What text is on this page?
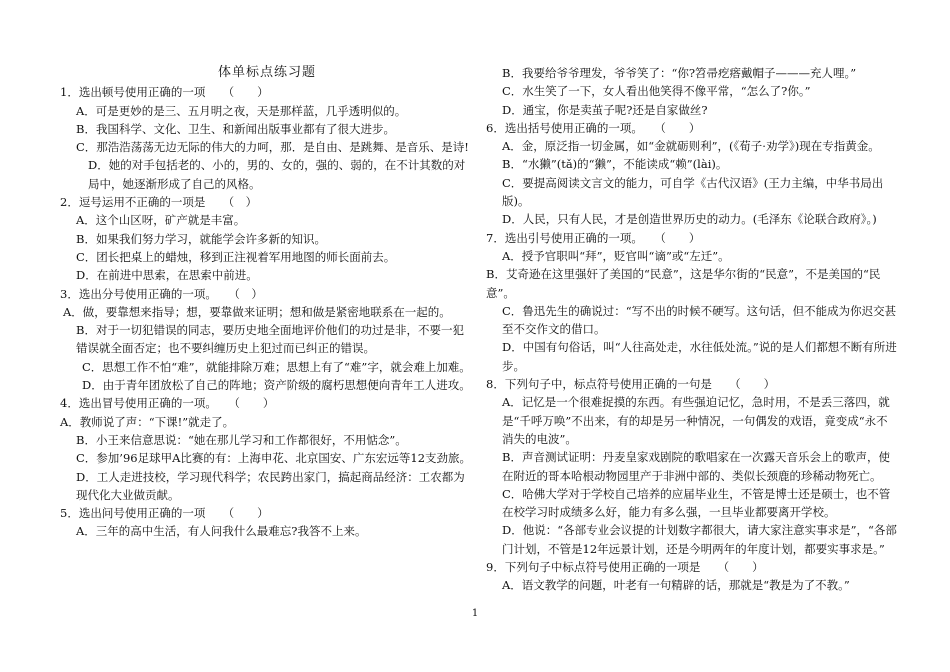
体单标点练习题

1．选出顿号使用正确的一项　　（　　）

A．可是更妙的是三、五月明之夜，天是那样蓝，几乎透明似的。

B．我国科学、文化、卫生、和新闻出版事业都有了很大进步。

C．那浩浩荡荡无边无际的伟大的力呵，那．是自由、是跳舞、是音乐、是诗!

D．她的对手包括老的、小的，男的、女的，强的、弱的，在不计其数的对局中，她逐渐形成了自己的风格。

2．逗号运用不正确的一项是　　（　）

A．这个山区呀，矿产就是丰富。

B．如果我们努力学习，就能学会许多新的知识。

C．团长把桌上的蜡烛，移到正注视着军用地图的师长面前去。

D．在前进中思索，在思索中前进。

3．选出分号使用正确的一项。　　（　）

A．做，要靠想来指导；想，要靠做来证明；想和做是紧密地联系在一起的。

B．对于一切犯错误的同志，要历史地全面地评价他们的功过是非，不要一犯错误就全面否定；也不要纠缠历史上犯过而已纠正的错误。

C．思想工作不怕“难”，就能排除万难；思想上有了“难”字，就会难上加难。

D．由于青年团放松了自己的阵地；资产阶级的腐朽思想便向青年工人进攻。

4．选出冒号使用正确的一项。　　（　　）

A．教师说了声：“下课!”就走了。

B．小王来信意思说：“她在那儿学习和工作都很好，不用惦念”。

C．参加’96足球甲A比赛的有：上海申花、北京国安、广东宏远等12支劲旅。

D．工人走进技校，学习现代科学；农民跨出家门，搞起商品经济：工农都为现代化大业做贡献。

5．选出问号使用正确的一项　　（　　）

A．三年的高中生活，有人问我什么最难忘?我答不上来。

B．我要给爷爷理发，爷爷笑了：“你?笤帚疙瘩戴帽子———充人哩。”

C．水生笑了一下，女人看出他笑得不像平常，“怎么了?你。”

D．通宝，你是卖茧子呢?还是自家做丝?

6．选出括号使用正确的一项。　　（　　）

A．金，原泛指一切金属，如“金就砺则利”，(《荀子·劝学》)现在专指黄金。

B．“水獭”(tǎ)的“獭”，不能读成“赖”(lài)。

C．要提高阅读文言文的能力，可自学《古代汉语》(王力主编，中华书局出版)。

D．人民，只有人民，才是创造世界历史的动力。(毛泽东《论联合政府》。)

7．选出引号使用正确的一项。　　（　　）

A．授予官职叫“拜”，贬官叫“谪”或“左迁”。

B．艾奇逊在这里强奸了美国的“民意”，这是华尔街的“民意”，不是美国的“民意”。

C．鲁迅先生的确说过：“写不出的时候不硬写。这句话，但不能成为你迟交甚至不交作文的借口。

D．中国有句俗话，叫“人往高处走，水往低处流。”说的是人们都想不断有所进步。

8．下列句子中，标点符号使用正确的一句是　　（　　）

A．记忆是一个很难捉摸的东西。有些强迫记忆，急时用，不是丢三落四，就是“千呼万唤”不出来，有的却是另一种情况，一句偶发的戏语，竟变成“永不消失的电波”。

B．声音测试证明：丹麦皇家戏剧院的歌唱家在一次露天音乐会上的歌声，使在附近的哥本哈根动物园里产于非洲中部的、类似长颈鹿的珍稀动物死亡。

C．哈佛大学对于学校自己培养的应届毕业生，不管是博士还是硕士，也不管在校学习时成绩多么好，能力有多么强，一旦毕业都要离开学校。

D．他说：“各部专业会议提的计划数字都很大，请大家注意实事求是”，“各部门计划，不管是12年远景计划，还是今明两年的年度计划，都要实事求是。”

9．下列句子中标点符号使用正确的一项是　　（　　）

A．语文教学的问题，叶老有一句精辟的话，那就是“教是为了不教。”

1
